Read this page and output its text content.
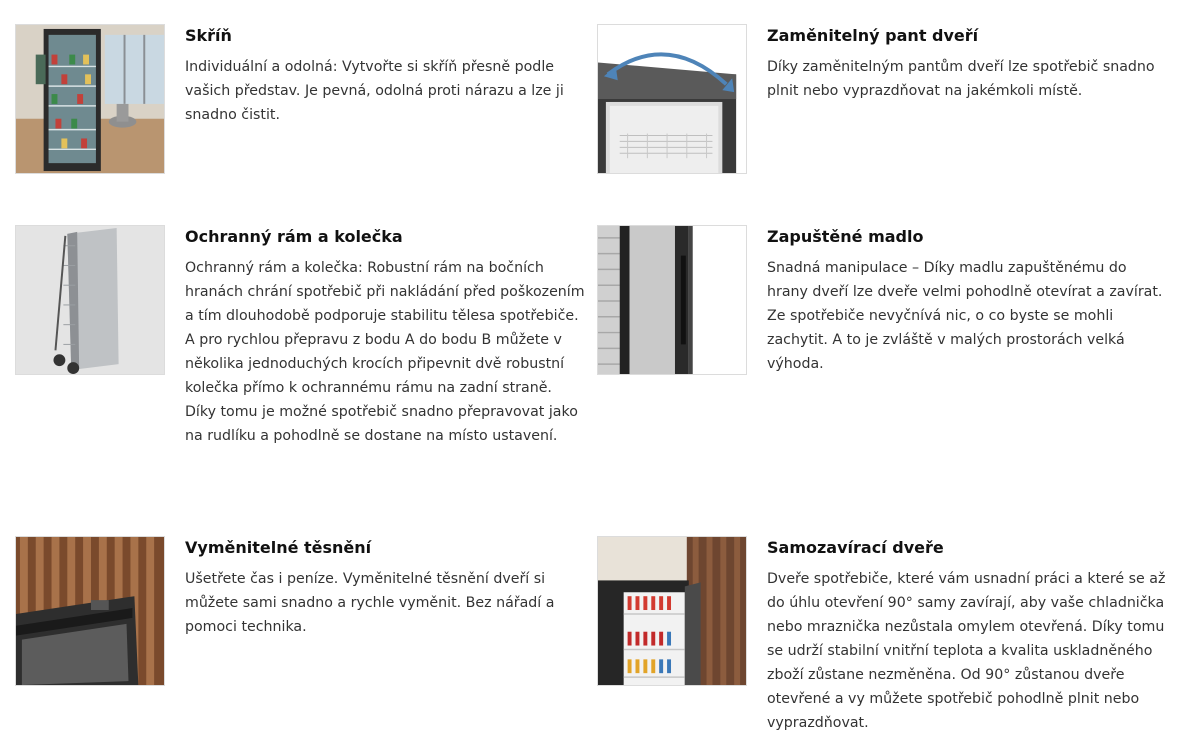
Skříň
Individuální a odolná: Vytvořte si skříň přesně podle vašich představ. Je pevná, odolná proti nárazu a lze ji snadno čistit.
Zaměnitelný pant dveří
Díky zaměnitelným pantům dveří lze spotřebič snadno plnit nebo vyprazdňovat na jakémkoli místě.
Ochranný rám a kolečka
Ochranný rám a kolečka: Robustní rám na bočních hranách chrání spotřebič při nakládání před poškozením a tím dlouhodobě podporuje stabilitu tělesa spotřebiče. A pro rychlou přepravu z bodu A do bodu B můžete v několika jednoduchých krocích připevnit dvě robustní kolečka přímo k ochrannému rámu na zadní straně. Díky tomu je možné spotřebič snadno přepravovat jako na rudlíku a pohodlně se dostane na místo ustavení.
Zapuštěné madlo
Snadná manipulace – Díky madlu zapuštěnému do hrany dveří lze dveře velmi pohodlně otevírat a zavírat. Ze spotřebiče nevyčnívá nic, o co byste se mohli zachytit. A to je zvláště v malých prostorách velká výhoda.
Vyměnitelné těsnění
Ušetřete čas i peníze. Vyměnitelné těsnění dveří si můžete sami snadno a rychle vyměnit. Bez nářadí a pomoci technika.
Samozavírací dveře
Dveře spotřebiče, které vám usnadní práci a které se až do úhlu otevření 90° samy zavírají, aby vaše chladnička nebo mraznička nezůstala omylem otevřená. Díky tomu se udrží stabilní vnitřní teplota a kvalita uskladněného zboží zůstane nezměněna. Od 90° zůstanou dveře otevřené a vy můžete spotřebič pohodlně plnit nebo vyprazdňovat.
